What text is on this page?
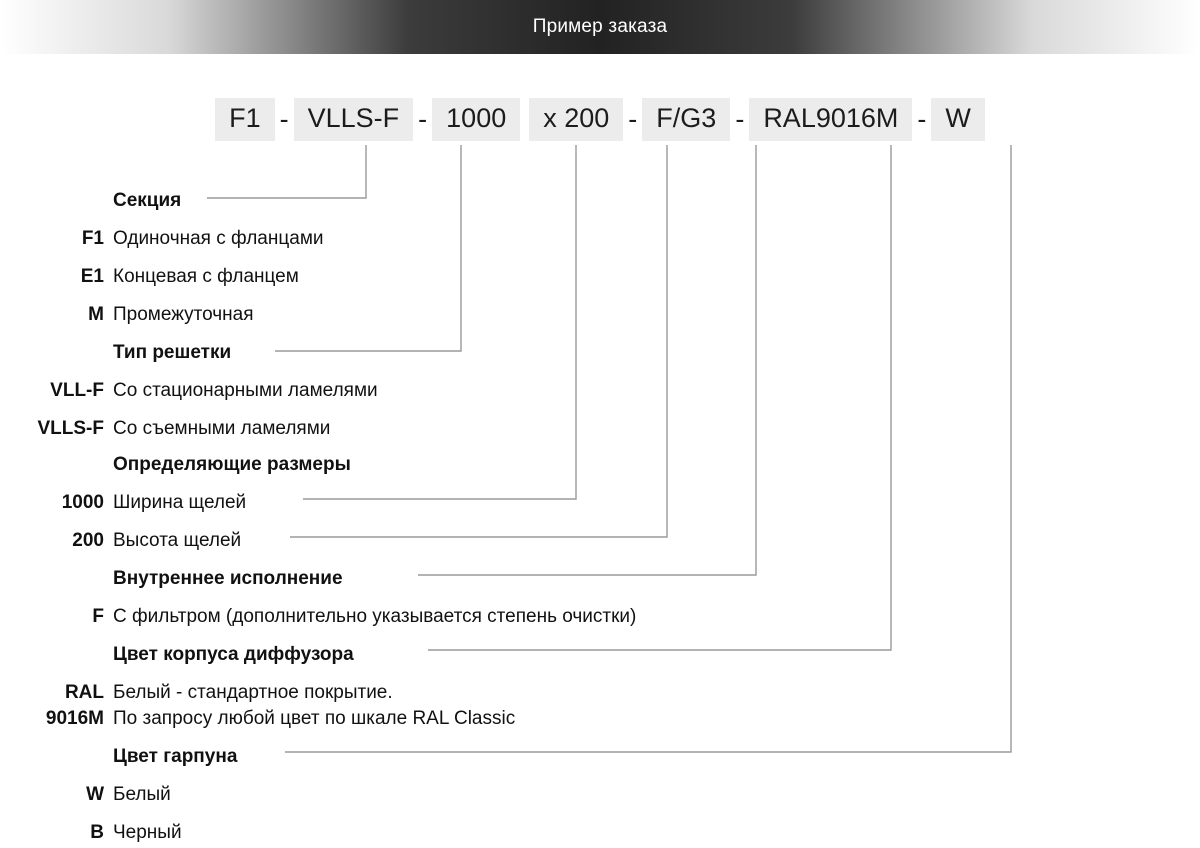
Пример заказа
F1 - VLLS-F - 1000	x 200 - F/G3 - RAL9016M - W
Секция
F1 Одиночная с фланцами
E1 Концевая с фланцем
M Промежуточная
Тип решетки
VLL-F Со стационарными ламелями
VLLS-F Со съемными ламелями
Определяющие размеры
1000 Ширина щелей
200 Высота щелей
Внутреннее исполнение
F С фильтром (дополнительно указывается степень очистки)
Цвет корпуса диффузора
RAL Белый - стандартное покрытие.
9016M По запросу любой цвет по шкале RAL Classic
Цвет гарпуна
W Белый
B Черный
